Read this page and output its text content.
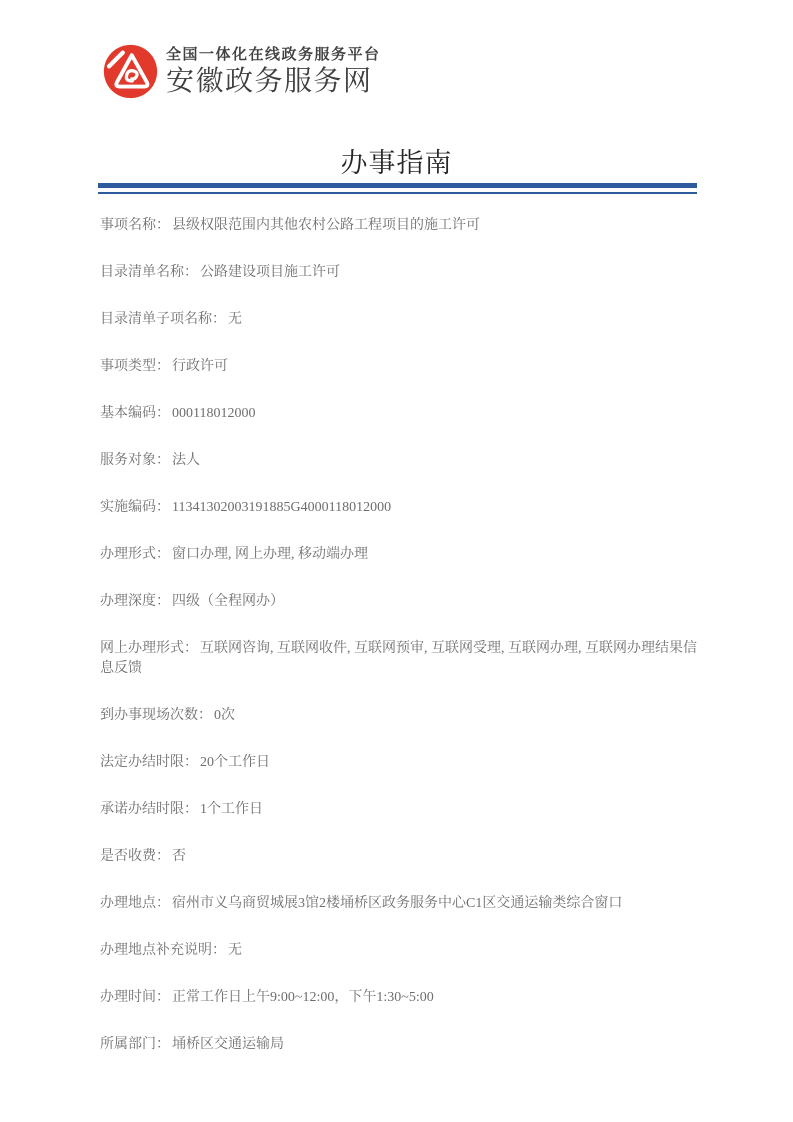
全国一体化在线政务服务平台
安徽政务服务网
办事指南
事项名称： 县级权限范围内其他农村公路工程项目的施工许可
目录清单名称： 公路建设项目施工许可
目录清单子项名称： 无
事项类型： 行政许可
基本编码： 000118012000
服务对象： 法人
实施编码： 11341302003191885G4000118012000
办理形式： 窗口办理, 网上办理, 移动端办理
办理深度： 四级（全程网办）
网上办理形式： 互联网咨询, 互联网收件, 互联网预审, 互联网受理, 互联网办理, 互联网办理结果信息反馈
到办事现场次数： 0次
法定办结时限： 20个工作日
承诺办结时限： 1个工作日
是否收费： 否
办理地点： 宿州市义乌商贸城展3馆2楼埇桥区政务服务中心C1区交通运输类综合窗口
办理地点补充说明： 无
办理时间： 正常工作日上午9:00~12:00，下午1:30~5:00
所属部门： 埇桥区交通运输局
